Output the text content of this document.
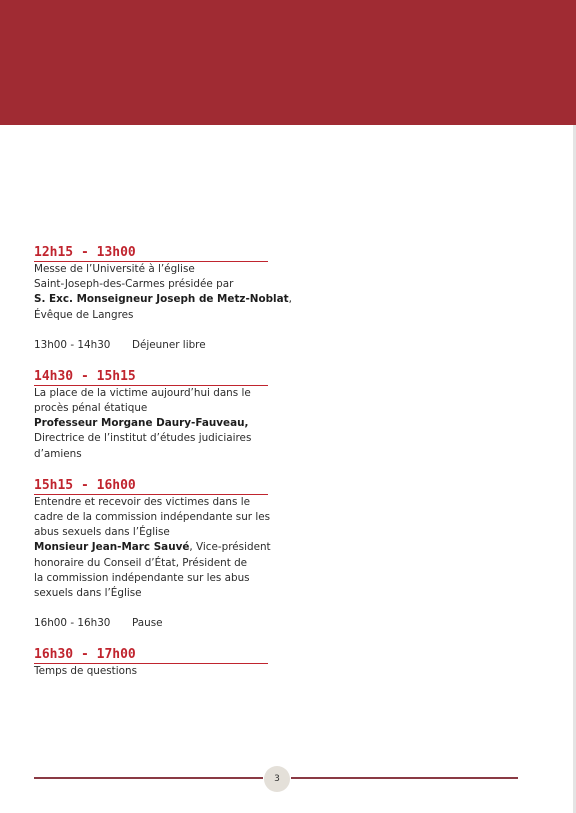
12h15 - 13h00
Messe de l’Université à l’église
Saint-Joseph-des-Carmes présidée par
S. Exc. Monseigneur Joseph de Metz-Noblat,
Évêque de Langres
13h00 - 14h30	Déjeuner libre
14h30 - 15h15
La place de la victime aujourd’hui dans le
procès pénal étatique
Professeur Morgane Daury-Fauveau,
Directrice de l’institut d’études judiciaires
d’amiens
15h15 - 16h00
Entendre et recevoir des victimes dans le
cadre de la commission indépendante sur les
abus sexuels dans l’Église
Monsieur Jean-Marc Sauvé, Vice-président
honoraire du Conseil d’État, Président de
la commission indépendante sur les abus
sexuels dans l’Église
16h00 - 16h30	Pause
16h30 - 17h00
Temps de questions
3
